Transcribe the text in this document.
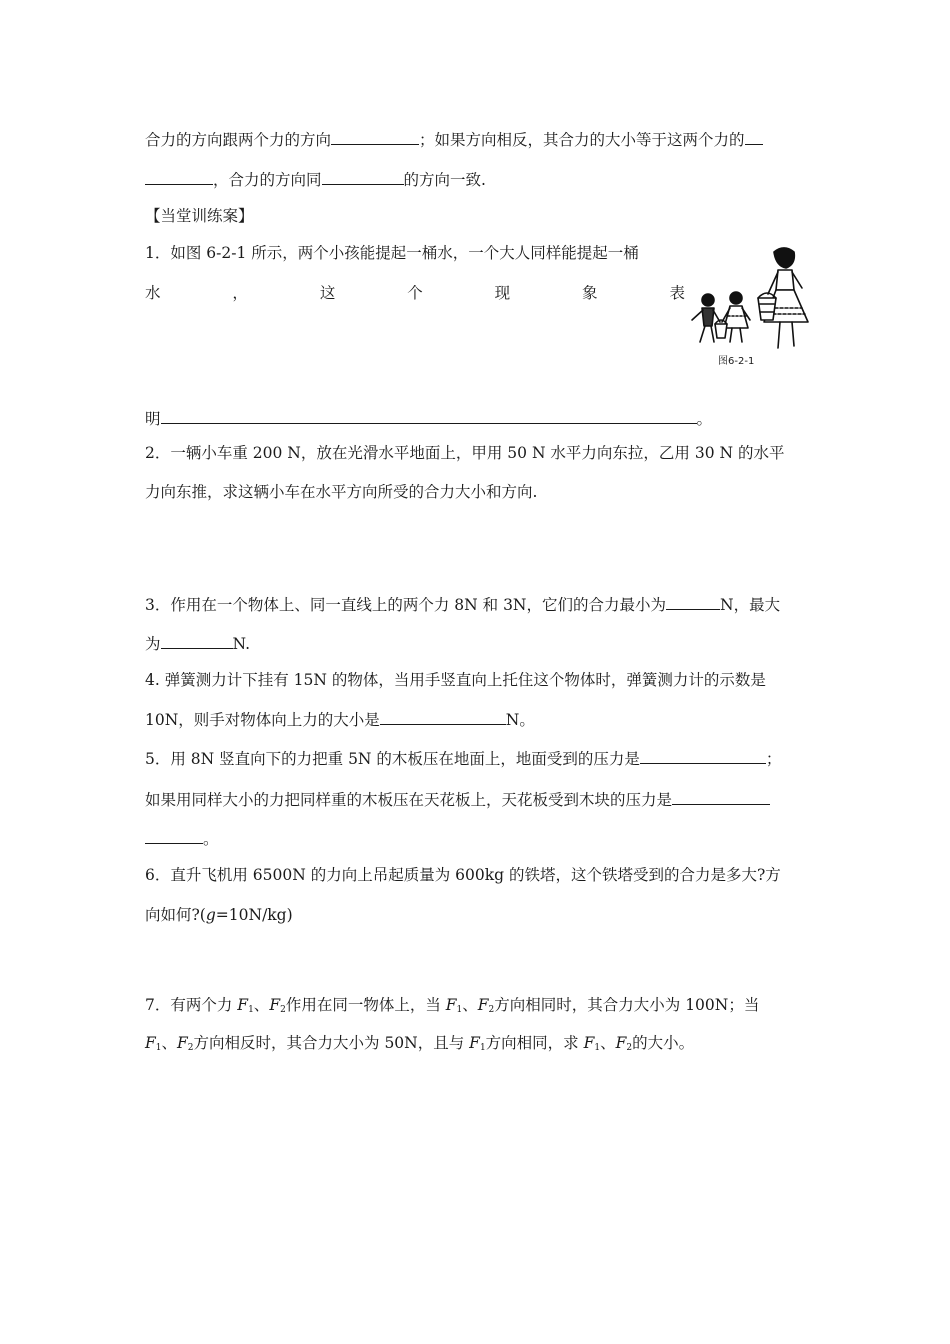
合力的方向跟两个力的方向	；如果方向相反，其合力的大小等于这两个力的
，合力的方向同	的方向一致.
【当堂训练案】
1．如图 6-2-1 所示，两个小孩能提起一桶水，一个大人同样能提起一桶
水	，	这	个	现	象	表
图6-2-1
明	。
2．一辆小车重 200 N，放在光滑水平地面上，甲用 50 N 水平力向东拉，乙用 30 N 的水平
力向东推，求这辆小车在水平方向所受的合力大小和方向.
3．作用在一个物体上、同一直线上的两个力 8N 和 3N，它们的合力最小为	N，最大
为	N.
4. 弹簧测力计下挂有 15N 的物体，当用手竖直向上托住这个物体时，弹簧测力计的示数是
10N，则手对物体向上力的大小是	N。
5．用 8N 竖直向下的力把重 5N 的木板压在地面上，地面受到的压力是	；
如果用同样大小的力把同样重的木板压在天花板上，天花板受到木块的压力是
。
6．直升飞机用 6500N 的力向上吊起质量为 600kg 的铁塔，这个铁塔受到的合力是多大?方
向如何?(g=10N/kg)
7．有两个力 $F_1$、$F_2$作用在同一物体上，当 $F_1$、$F_2$方向相同时，其合力大小为 100N；当
$F_1$、$F_2$方向相反时，其合力大小为 50N，且与 $F_1$方向相同，求 $F_1$、$F_2$的大小。
